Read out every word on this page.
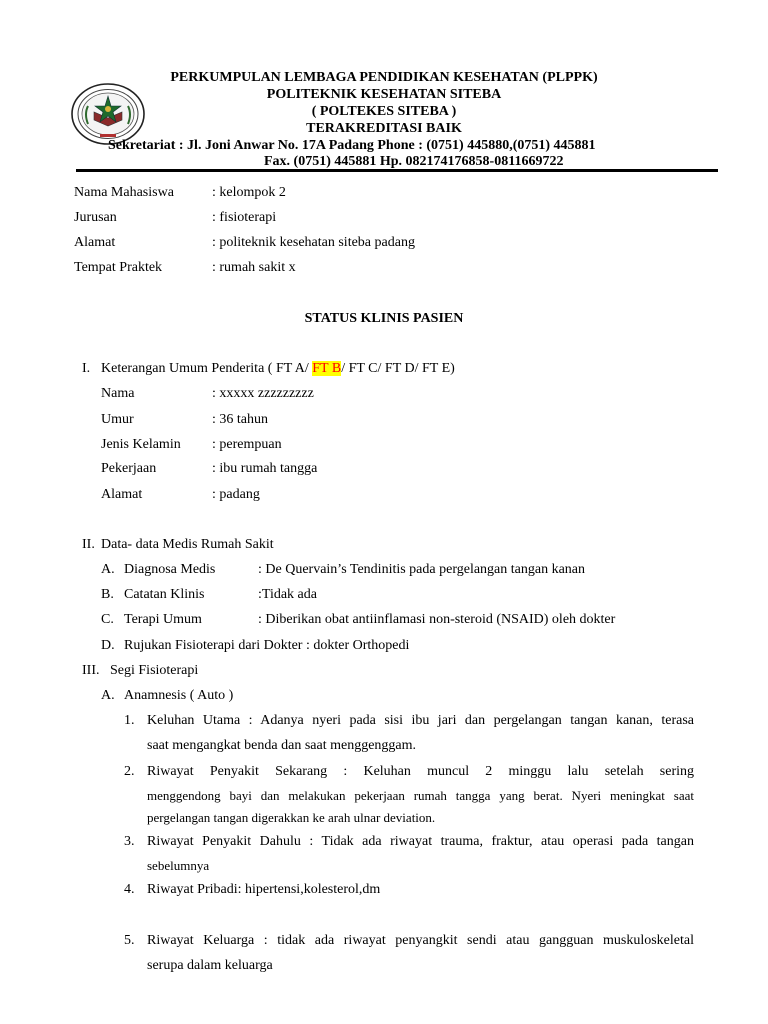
PERKUMPULAN LEMBAGA PENDIDIKAN KESEHATAN (PLPPK)
POLITEKNIK KESEHATAN SITEBA
( POLTEKES SITEBA )
TERAKREDITASI BAIK
Sekretariat : Jl. Joni Anwar No. 17A Padang Phone : (0751) 445880,(0751) 445881
Fax. (0751) 445881 Hp. 082174176858-0811669722
Nama Mahasiswa	: kelompok 2
Jurusan	: fisioterapi
Alamat	: politeknik kesehatan siteba padang
Tempat Praktek	: rumah sakit x
STATUS KLINIS PASIEN
I. Keterangan Umum Penderita ( FT A/ FT B/ FT C/ FT D/ FT E)
Nama	: xxxxx zzzzzzzzz
Umur	: 36 tahun
Jenis Kelamin : perempuan
Pekerjaan	: ibu rumah tangga
Alamat	: padang
II. Data- data Medis Rumah Sakit
A. Diagnosa Medis	: De Quervain’s Tendinitis pada pergelangan tangan kanan
B. Catatan Klinis	:Tidak ada
C. Terapi Umum	: Diberikan obat antiinflamasi non-steroid (NSAID) oleh dokter
D. Rujukan Fisioterapi dari Dokter : dokter Orthopedi
III. Segi Fisioterapi
A. Anamnesis ( Auto )
1. Keluhan Utama : Adanya nyeri pada sisi ibu jari dan pergelangan tangan kanan, terasa
saat mengangkat benda dan saat menggenggam.
2. Riwayat Penyakit Sekarang : Keluhan muncul 2 minggu lalu setelah sering
menggendong bayi dan melakukan pekerjaan rumah tangga yang berat. Nyeri meningkat saat
pergelangan tangan digerakkan ke arah ulnar deviation.
3. Riwayat Penyakit Dahulu : Tidak ada riwayat trauma, fraktur, atau operasi pada tangan
sebelumnya
4. Riwayat Pribadi: hipertensi,kolesterol,dm
5. Riwayat Keluarga : tidak ada riwayat penyangkit sendi atau gangguan muskuloskeletal
serupa dalam keluarga
